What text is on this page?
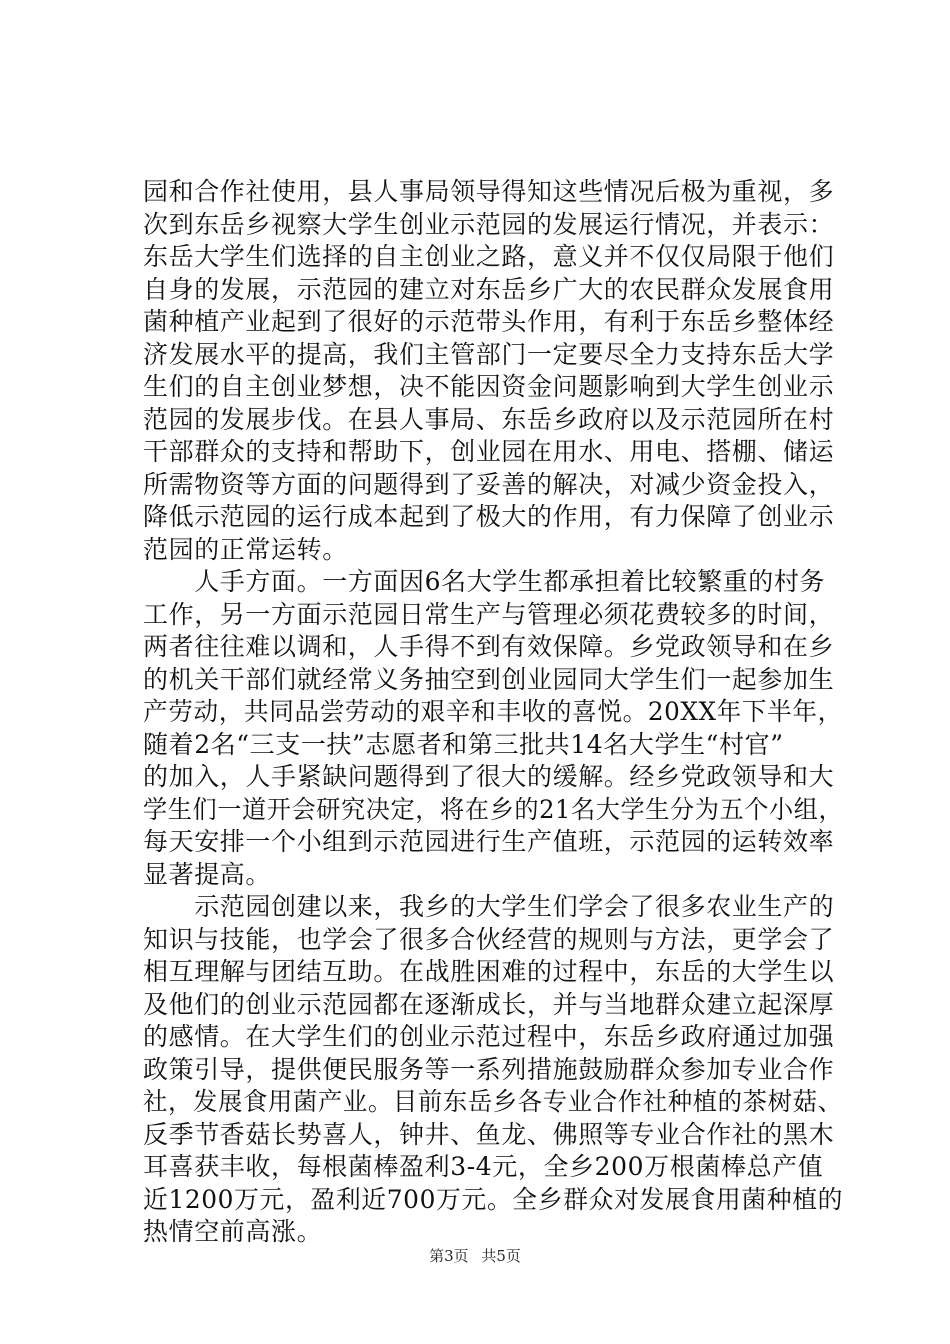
园和合作社使用，县人事局领导得知这些情况后极为重视，多
次到东岳乡视察大学生创业示范园的发展运行情况，并表示：
东岳大学生们选择的自主创业之路，意义并不仅仅局限于他们
自身的发展，示范园的建立对东岳乡广大的农民群众发展食用
菌种植产业起到了很好的示范带头作用，有利于东岳乡整体经
济发展水平的提高，我们主管部门一定要尽全力支持东岳大学
生们的自主创业梦想，决不能因资金问题影响到大学生创业示
范园的发展步伐。在县人事局、东岳乡政府以及示范园所在村
干部群众的支持和帮助下，创业园在用水、用电、搭棚、储运
所需物资等方面的问题得到了妥善的解决，对减少资金投入，
降低示范园的运行成本起到了极大的作用，有力保障了创业示
范园的正常运转。
　　人手方面。一方面因6名大学生都承担着比较繁重的村务
工作，另一方面示范园日常生产与管理必须花费较多的时间，
两者往往难以调和，人手得不到有效保障。乡党政领导和在乡
的机关干部们就经常义务抽空到创业园同大学生们一起参加生
产劳动，共同品尝劳动的艰辛和丰收的喜悦。20XX年下半年，
随着2名“三支一扶”志愿者和第三批共14名大学生“村官”
的加入，人手紧缺问题得到了很大的缓解。经乡党政领导和大
学生们一道开会研究决定，将在乡的21名大学生分为五个小组，
每天安排一个小组到示范园进行生产值班，示范园的运转效率
显著提高。
　　示范园创建以来，我乡的大学生们学会了很多农业生产的
知识与技能，也学会了很多合伙经营的规则与方法，更学会了
相互理解与团结互助。在战胜困难的过程中，东岳的大学生以
及他们的创业示范园都在逐渐成长，并与当地群众建立起深厚
的感情。在大学生们的创业示范过程中，东岳乡政府通过加强
政策引导，提供便民服务等一系列措施鼓励群众参加专业合作
社，发展食用菌产业。目前东岳乡各专业合作社种植的茶树菇、
反季节香菇长势喜人，钟井、鱼龙、佛照等专业合作社的黑木
耳喜获丰收，每根菌棒盈利3-4元，全乡200万根菌棒总产值
近1200万元，盈利近700万元。全乡群众对发展食用菌种植的
热情空前高涨。
第3页 共5页
